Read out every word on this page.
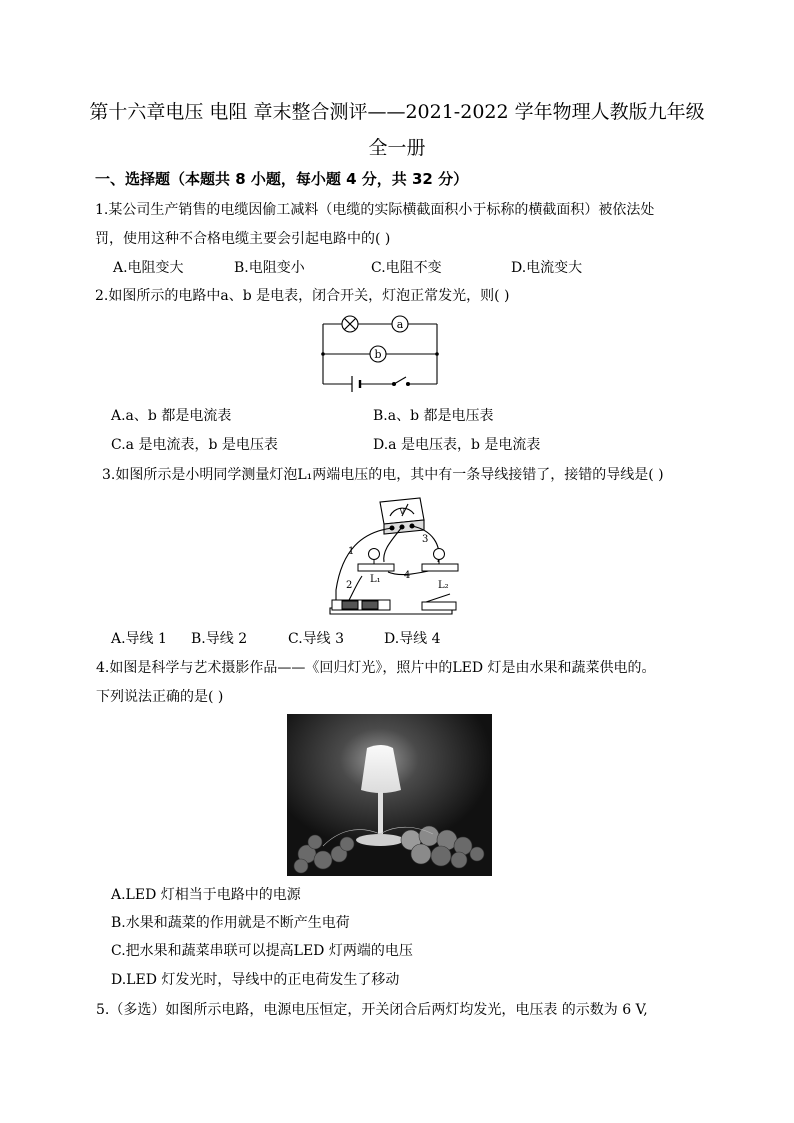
第十六章电压 电阻 章末整合测评——2021-2022 学年物理人教版九年级
全一册
一、选择题（本题共 8 小题，每小题 4 分，共 32 分）
1.某公司生产销售的电缆因偷工减料（电缆的实际横截面积小于标称的横截面积）被依法处
罚，使用这种不合格电缆主要会引起电路中的( )
A.电阻变大	B.电阻变小	C.电阻不变	D.电流变大
2.如图所示的电路中a、b 是电表，闭合开关，灯泡正常发光，则( )
a
b
A.a、b 都是电流表	B.a、b 都是电压表
C.a 是电流表，b 是电压表	D.a 是电压表，b 是电流表
3.如图所示是小明同学测量灯泡L₁两端电压的电，其中有一条导线接错了，接错的导线是( )
V
1
2
3
4
L₁
L₂
A.导线 1 B.导线 2	C.导线 3	D.导线 4
4.如图是科学与艺术摄影作品——《回归灯光》，照片中的LED 灯是由水果和蔬菜供电的。
下列说法正确的是( )
A.LED 灯相当于电路中的电源
B.水果和蔬菜的作用就是不断产生电荷
C.把水果和蔬菜串联可以提高LED 灯两端的电压
D.LED 灯发光时，导线中的正电荷发生了移动
5.（多选）如图所示电路，电源电压恒定，开关闭合后两灯均发光，电压表 的示数为 6 V,
